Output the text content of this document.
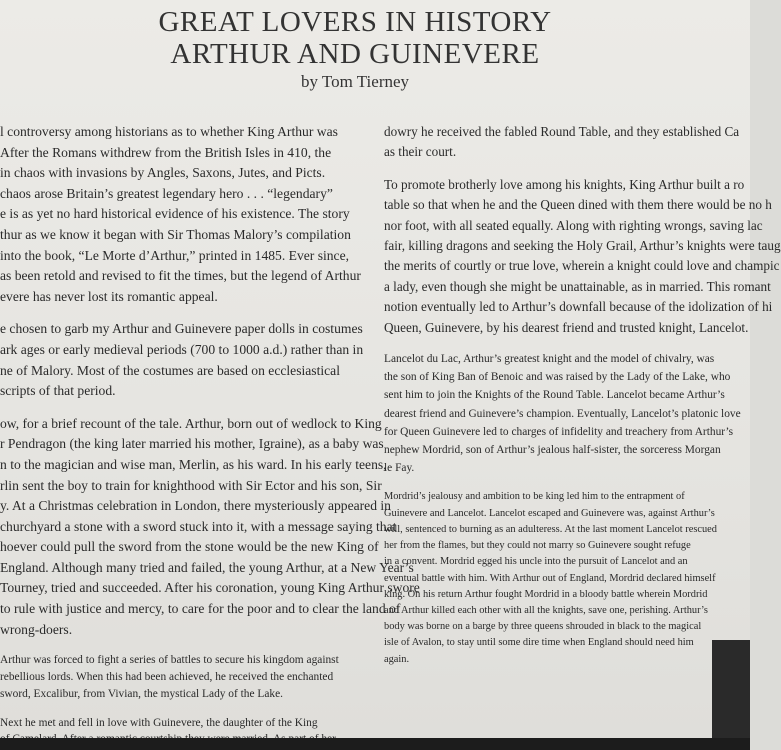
GREAT LOVERS IN HISTORY
ARTHUR AND GUINEVERE
by Tom Tierney
l controversy among historians as to whether King Arthur was
After the Romans withdrew from the British Isles in 410, the
in chaos with invasions by Angles, Saxons, Jutes, and Picts.
chaos arose Britain’s greatest legendary hero . . . “legendary”
e is as yet no hard historical evidence of his existence. The story
thur as we know it began with Sir Thomas Malory’s compilation
into the book, “Le Morte d’Arthur,” printed in 1485. Ever since,
as been retold and revised to fit the times, but the legend of Arthur
evere has never lost its romantic appeal.
e chosen to garb my Arthur and Guinevere paper dolls in costumes
ark ages or early medieval periods (700 to 1000 a.d.) rather than in
ne of Malory. Most of the costumes are based on ecclesiastical
scripts of that period.
ow, for a brief recount of the tale. Arthur, born out of wedlock to King
r Pendragon (the king later married his mother, Igraine), as a baby was
n to the magician and wise man, Merlin, as his ward. In his early teens,
rlin sent the boy to train for knighthood with Sir Ector and his son, Sir
y. At a Christmas celebration in London, there mysteriously appeared in
churchyard a stone with a sword stuck into it, with a message saying that
hoever could pull the sword from the stone would be the new King of
England. Although many tried and failed, the young Arthur, at a New Year’s
Tourney, tried and succeeded. After his coronation, young King Arthur swore
to rule with justice and mercy, to care for the poor and to clear the land of
wrong-doers.
Arthur was forced to fight a series of battles to secure his kingdom against
rebellious lords. When this had been achieved, he received the enchanted
sword, Excalibur, from Vivian, the mystical Lady of the Lake.
Next he met and fell in love with Guinevere, the daughter of the King
dowry he received the fabled Round Table, and they established Ca
as their court.
To promote brotherly love among his knights, King Arthur built a ro
table so that when he and the Queen dined with them there would be no h
nor foot, with all seated equally. Along with righting wrongs, saving lac
fair, killing dragons and seeking the Holy Grail, Arthur’s knights were taug
the merits of courtly or true love, wherein a knight could love and champic
a lady, even though she might be unattainable, as in married. This romant
notion eventually led to Arthur’s downfall because of the idolization of hi
Queen, Guinevere, by his dearest friend and trusted knight, Lancelot.
Lancelot du Lac, Arthur’s greatest knight and the model of chivalry, was
the son of King Ban of Benoic and was raised by the Lady of the Lake, who
sent him to join the Knights of the Round Table. Lancelot became Arthur’s
dearest friend and Guinevere’s champion. Eventually, Lancelot’s platonic love
for Queen Guinevere led to charges of infidelity and treachery from Arthur’s
nephew Mordrid, son of Arthur’s jealous half-sister, the sorceress Morgan
le Fay.
Mordrid’s jealousy and ambition to be king led him to the entrapment of
Guinevere and Lancelot. Lancelot escaped and Guinevere was, against Arthur’s
will, sentenced to burning as an adulteress. At the last moment Lancelot rescued
her from the flames, but they could not marry so Guinevere sought refuge
in a convent. Mordrid egged his uncle into the pursuit of Lancelot and an
eventual battle with him. With Arthur out of England, Mordrid declared himself
king. On his return Arthur fought Mordrid in a bloody battle wherein Mordrid
and Arthur killed each other with all the knights, save one, perishing. Arthur’s
body was borne on a barge by three queens shrouded in black to the magical
isle of Avalon, to stay until some dire time when England should need him
again.
